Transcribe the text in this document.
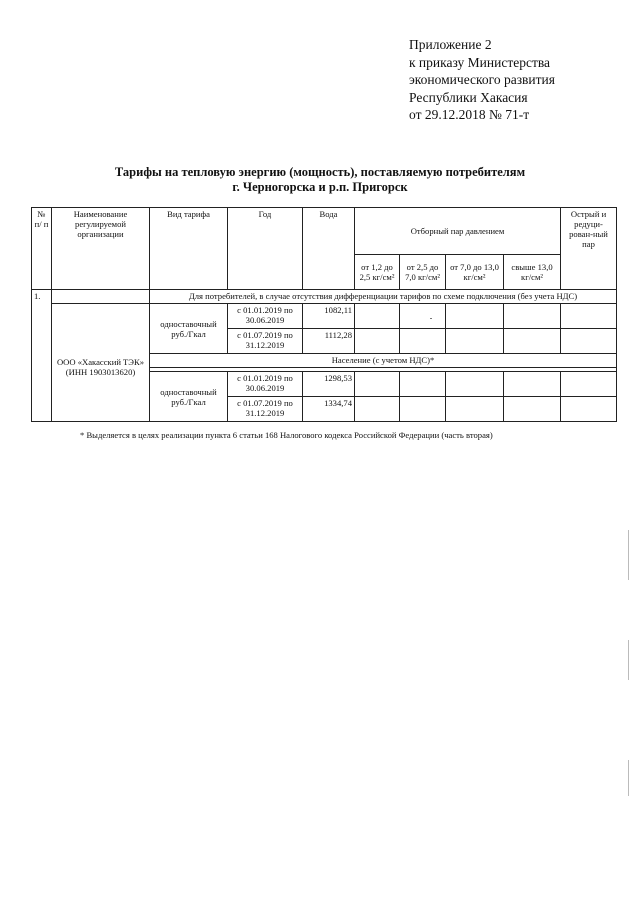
Приложение 2
к приказу Министерства
экономического развития
Республики Хакасия
от 29.12.2018 № 71-т
Тарифы на тепловую энергию (мощность), поставляемую потребителям
г. Черногорска и р.п. Пригорск
№ п/ п	Наименование регулируемой организации	Вид тарифа	Год	Вода	Отборный пар давлением				Острый и редуци-рован-ный пар
					от 1,2 до 2,5 кг/см²	от 2,5 до 7,0 кг/см²	от 7,0 до 13,0 кг/см²	свыше 13,0 кг/см²	
1.		Для потребителей, в случае отсутствия дифференциации тарифов по схеме подключения (без учета НДС)							
	ООО «Хакасский ТЭК» (ИНН 1903013620)	одноставочный руб./Гкал	с 01.01.2019 по 30.06.2019	1082,11					
			с 01.07.2019 по 31.12.2019	1112,28					
		Население (с учетом НДС)*							

		одноставочный руб./Гкал	с 01.01.2019 по 30.06.2019	1298,53					
			с 01.07.2019 по 31.12.2019	1334,74					
* Выделяется в целях реализации пункта 6 статьи 168 Налогового кодекса Российской Федерации (часть вторая)
